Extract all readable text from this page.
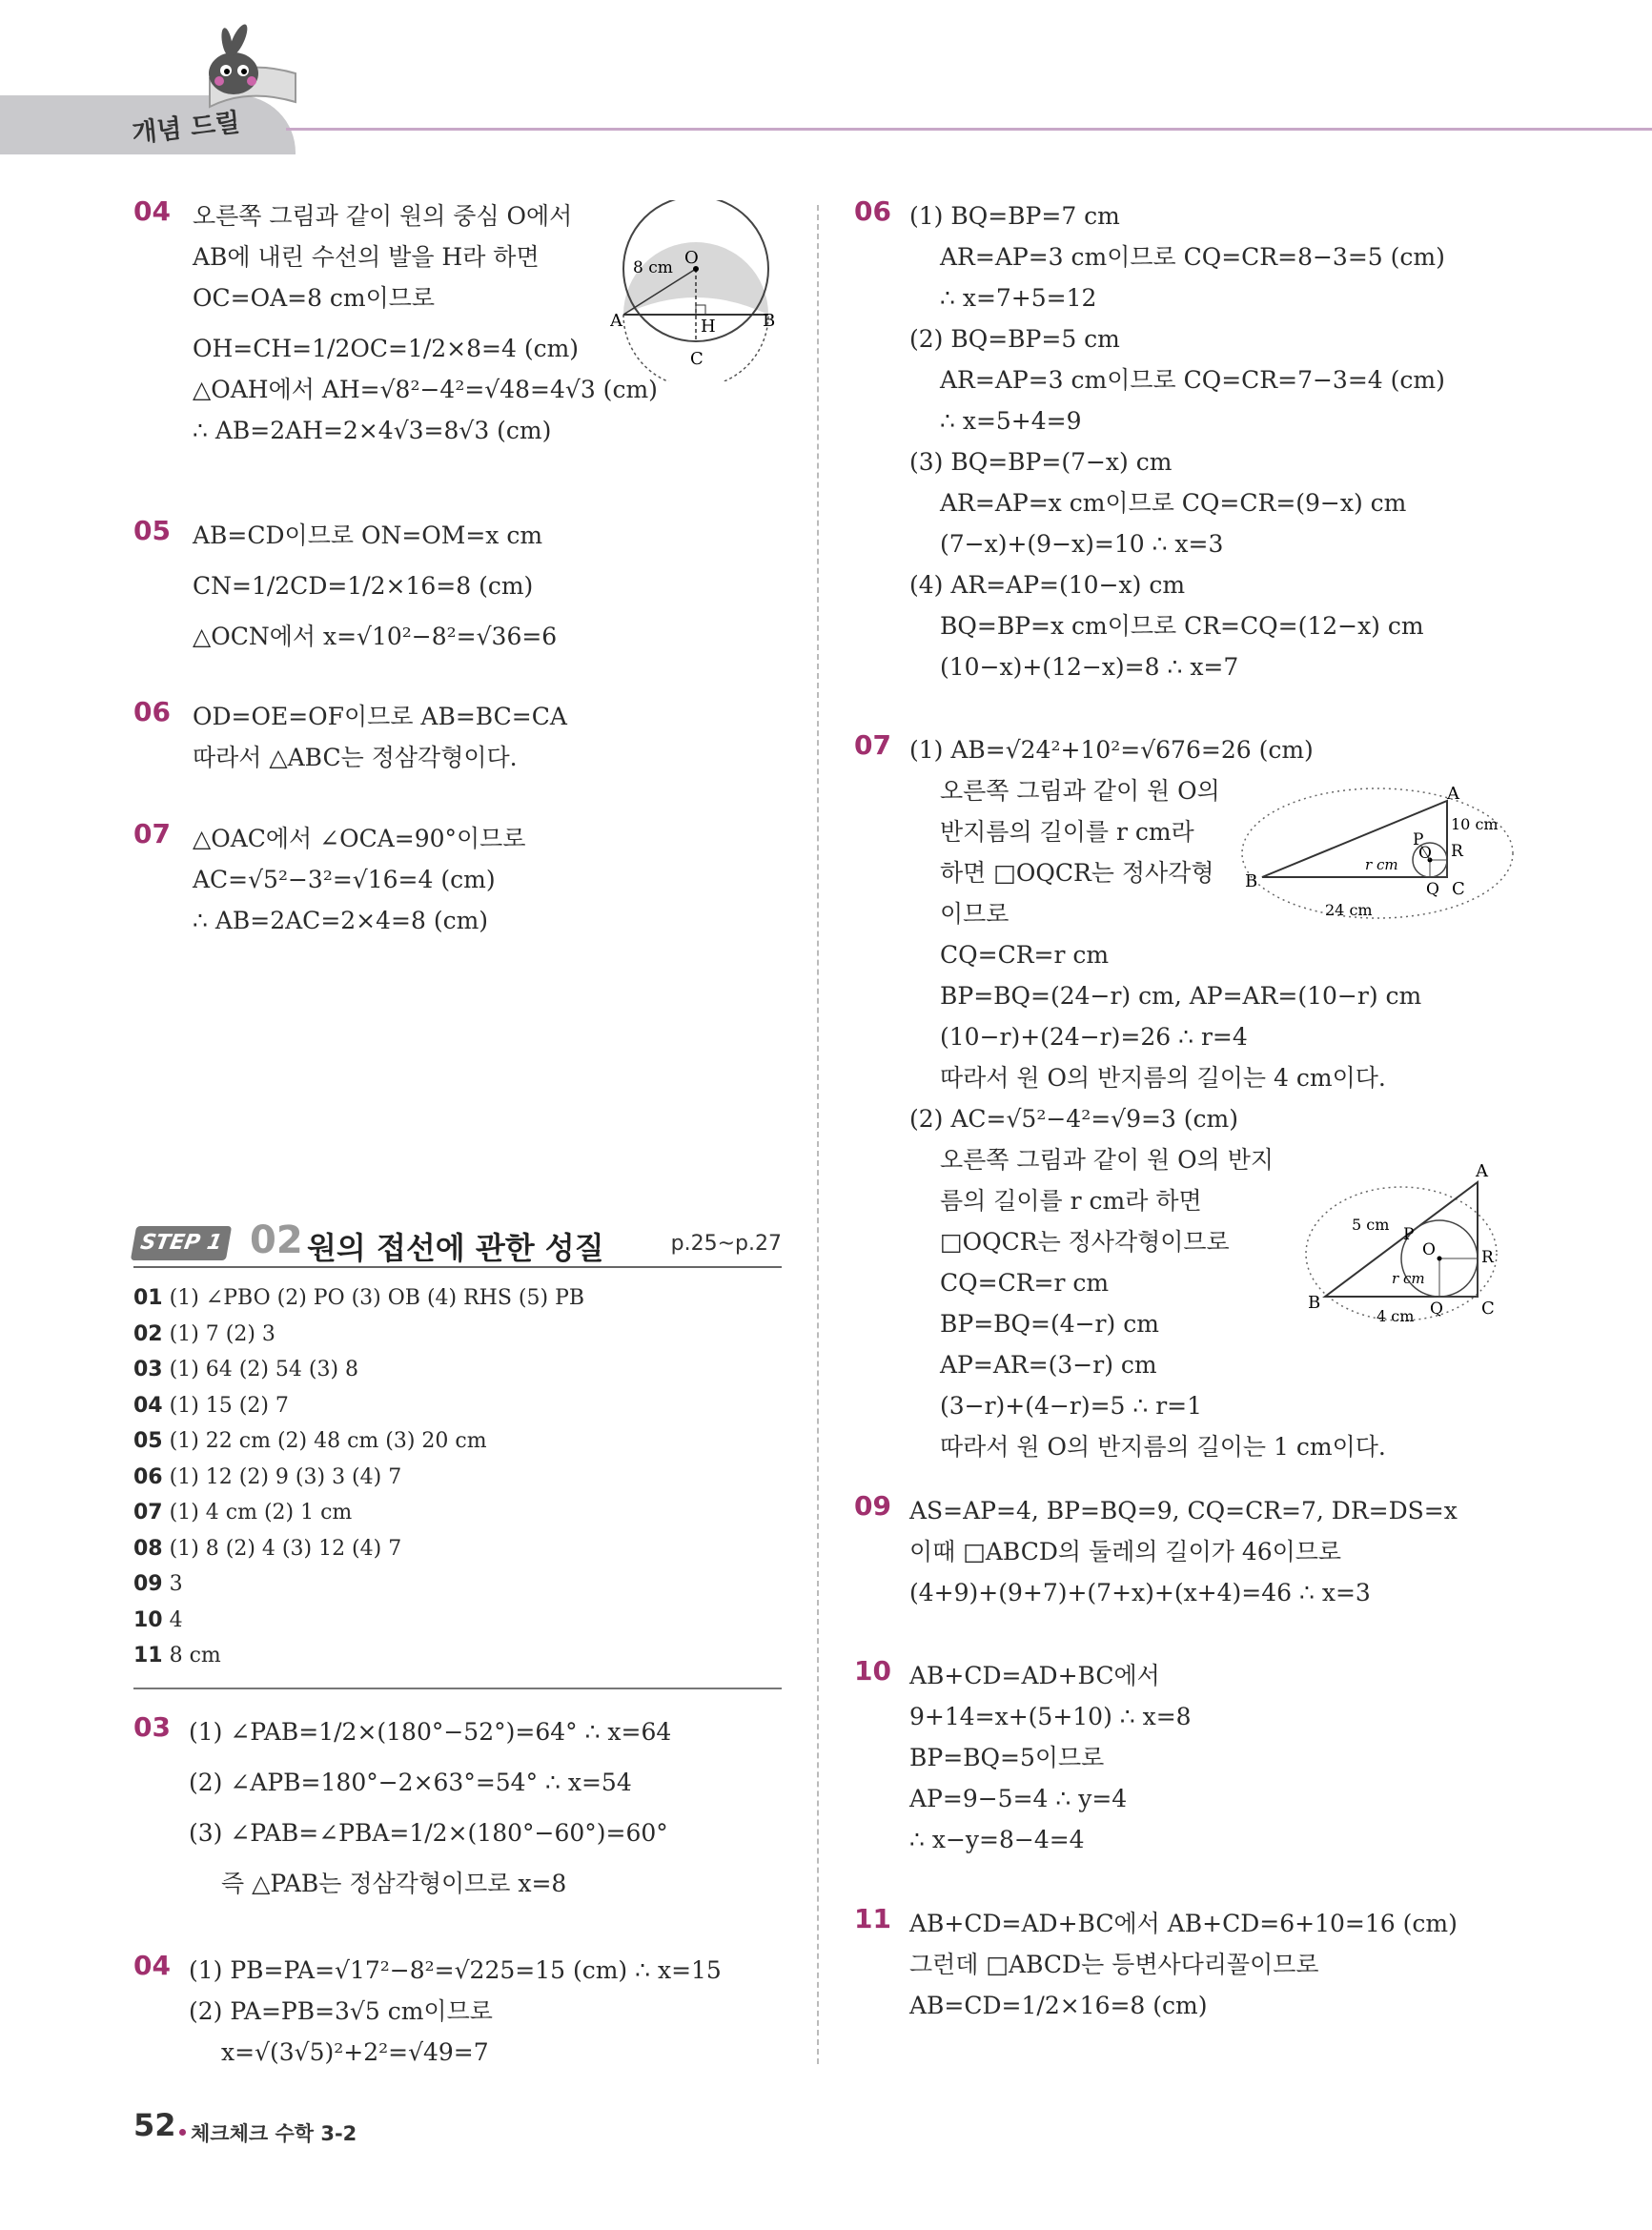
개념 드릴
04 오른쪽 그림과 같이 원의 중심 O에서
AB에 내린 수선의 발을 H라 하면
OC=OA=8 cm이므로
OH=CH=1/2OC=1/2×8=4 (cm)
△OAH에서 AH=√8²−4²=√48=4√3 (cm)
∴ AB=2AH=2×4√3=8√3 (cm)
05 AB=CD이므로 ON=OM=x cm
CN=1/2CD=1/2×16=8 (cm)
△OCN에서 x=√10²−8²=√36=6
06 OD=OE=OF이므로 AB=BC=CA
따라서 △ABC는 정삼각형이다.
07 △OAC에서 ∠OCA=90°이므로
AC=√5²−3²=√16=4 (cm)
∴ AB=2AC=2×4=8 (cm)
O
8 cm
A	B
H
C
STEP 1 02 원의 접선에 관한 성질	p.25~p.27
01 (1) ∠PBO (2) PO (3) OB (4) RHS (5) PB
02 (1) 7 (2) 3
03 (1) 64 (2) 54 (3) 8
04 (1) 15 (2) 7
05 (1) 22 cm (2) 48 cm (3) 20 cm
06 (1) 12 (2) 9 (3) 3 (4) 7
07 (1) 4 cm (2) 1 cm
08 (1) 8 (2) 4 (3) 12 (4) 7
09 3
10 4
11 8 cm
03 (1) ∠PAB=1/2×(180°−52°)=64° ∴ x=64
(2) ∠APB=180°−2×63°=54° ∴ x=54
(3) ∠PAB=∠PBA=1/2×(180°−60°)=60°
즉 △PAB는 정삼각형이므로 x=8
04 (1) PB=PA=√17²−8²=√225=15 (cm) ∴ x=15
(2) PA=PB=3√5 cm이므로
x=√(3√5)²+2²=√49=7
06 (1) BQ=BP=7 cm
AR=AP=3 cm이므로 CQ=CR=8−3=5 (cm)
∴ x=7+5=12
(2) BQ=BP=5 cm
AR=AP=3 cm이므로 CQ=CR=7−3=4 (cm)
∴ x=5+4=9
(3) BQ=BP=(7−x) cm
AR=AP=x cm이므로 CQ=CR=(9−x) cm
(7−x)+(9−x)=10 ∴ x=3
(4) AR=AP=(10−x) cm
BQ=BP=x cm이므로 CR=CQ=(12−x) cm
(10−x)+(12−x)=8 ∴ x=7
07 (1) AB=√24²+10²=√676=26 (cm)
오른쪽 그림과 같이 원 O의
반지름의 길이를 r cm라
하면 □OQCR는 정사각형
이므로
CQ=CR=r cm
BP=BQ=(24−r) cm, AP=AR=(10−r) cm
(10−r)+(24−r)=26 ∴ r=4
따라서 원 O의 반지름의 길이는 4 cm이다.
(2) AC=√5²−4²=√9=3 (cm)
오른쪽 그림과 같이 원 O의 반지
름의 길이를 r cm라 하면
□OQCR는 정사각형이므로
CQ=CR=r cm
BP=BQ=(4−r) cm
AP=AR=(3−r) cm
(3−r)+(4−r)=5 ∴ r=1
따라서 원 O의 반지름의 길이는 1 cm이다.
09 AS=AP=4, BP=BQ=9, CQ=CR=7, DR=DS=x
이때 □ABCD의 둘레의 길이가 46이므로
(4+9)+(9+7)+(7+x)+(x+4)=46 ∴ x=3
10 AB+CD=AD+BC에서
9+14=x+(5+10) ∴ x=8
BP=BQ=5이므로
AP=9−5=4 ∴ y=4
∴ x−y=8−4=4
11 AB+CD=AD+BC에서 AB+CD=6+10=16 (cm)
그런데 □ABCD는 등변사다리꼴이므로
AB=CD=1/2×16=8 (cm)
B
A
C
P
Q
R
O
10 cm
24 cm
r cm
B
A
C
P
Q
R
O
5 cm
4 cm
r cm
52 체크체크 수학 3-2
